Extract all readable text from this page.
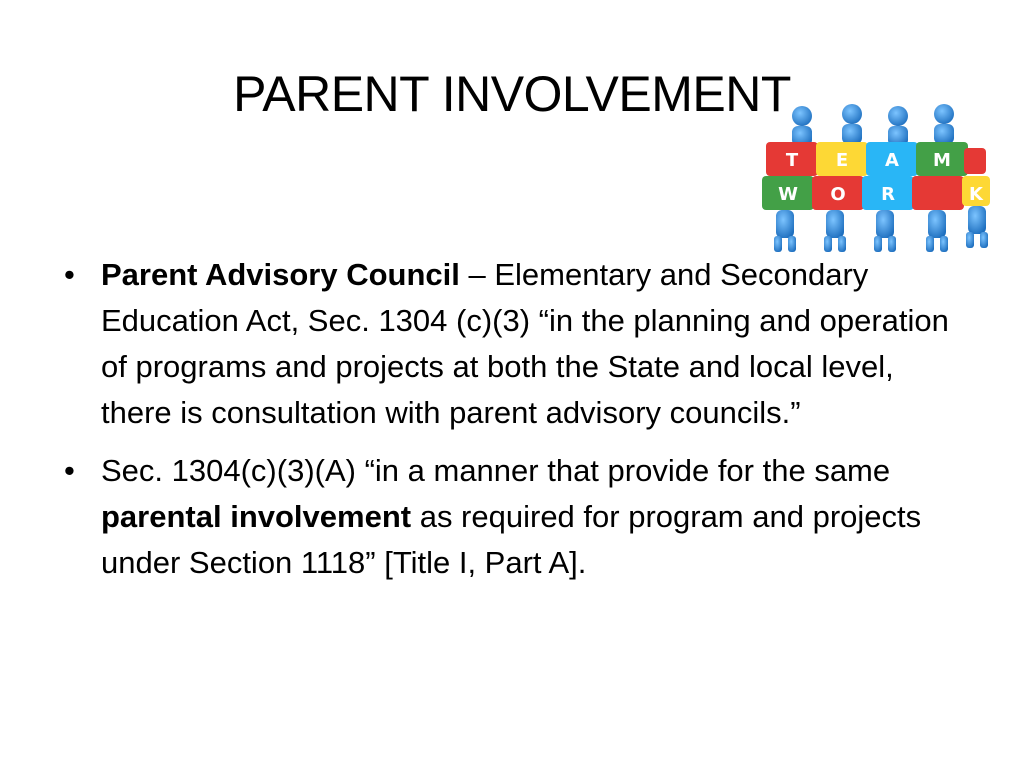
PARENT INVOLVEMENT
T E A M
W O R	K
• Parent Advisory Council – Elementary and Secondary Education Act, Sec. 1304 (c)(3) “in the planning and operation of programs and projects at both the State and local level, there is consultation with parent advisory councils.”
• Sec. 1304(c)(3)(A) “in a manner that provide for the same parental involvement as required for program and projects under Section 1118” [Title I, Part A].
